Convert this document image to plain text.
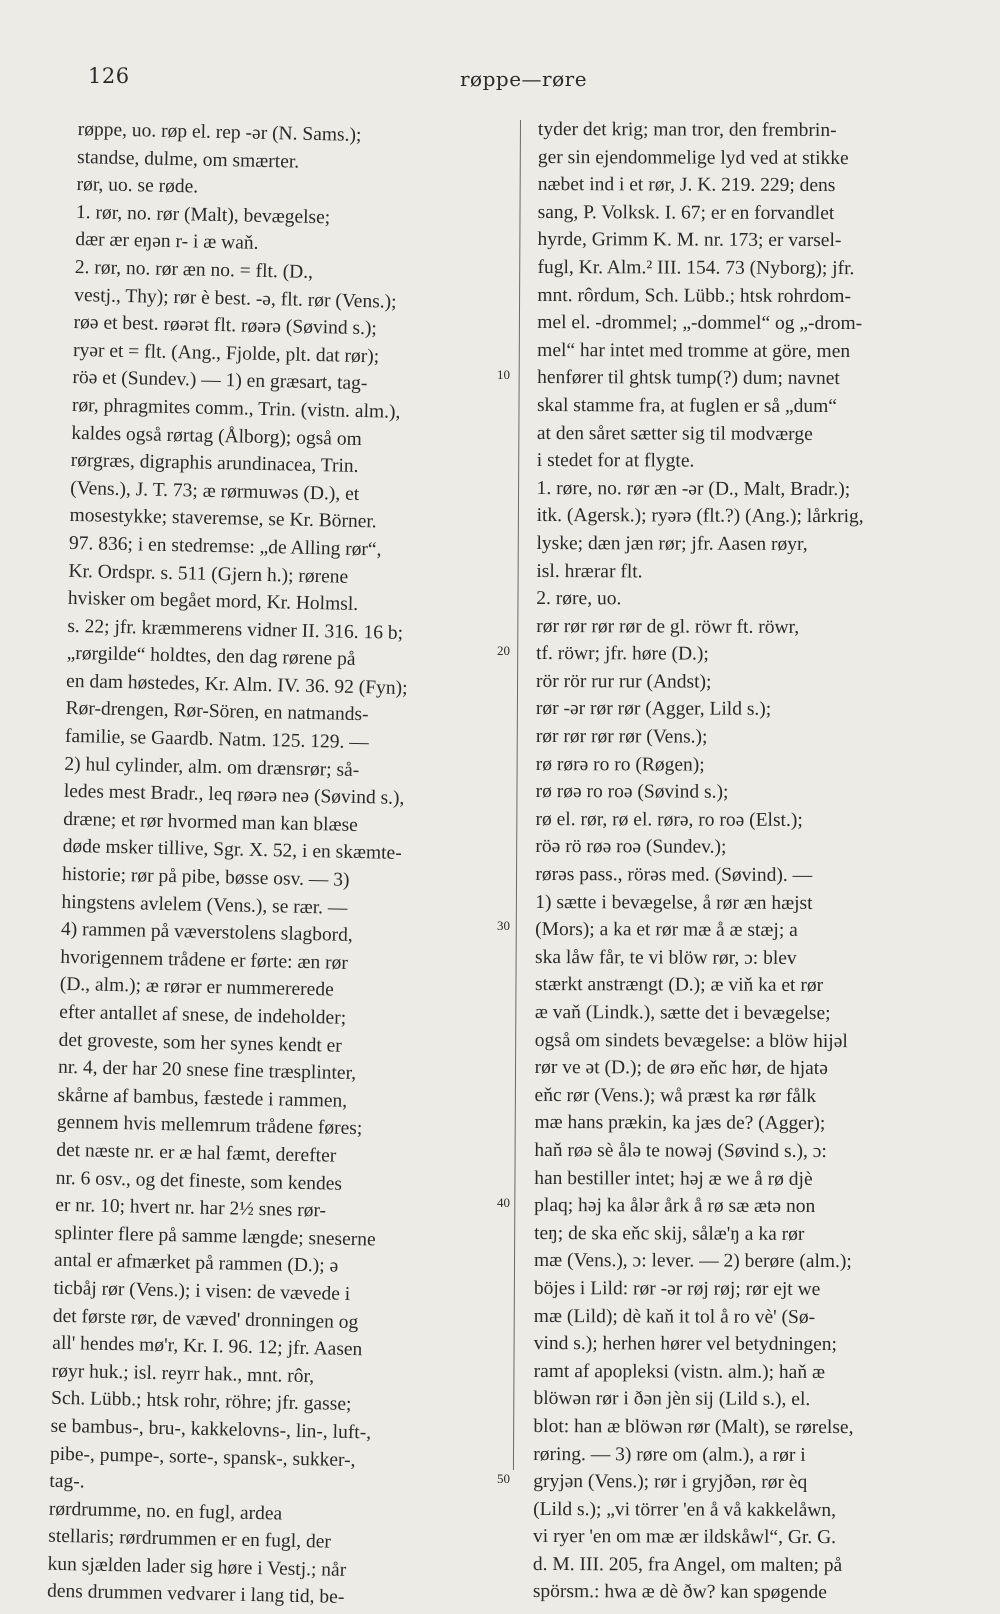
126	røppe—røre
røppe, uo. røp el. rep -ər (N. Sams.);
standse, dulme, om smærter.
rør, uo. se røde.
1. rør, no. rør (Malt), bevægelse;
dær ær eŋən r- i æ waň.
2. rør, no. rør æn no. = flt. (D.,
vestj., Thy); rør è best. -ə, flt. rør (Vens.);
røə et best. røərət flt. røərə (Søvind s.);
ryər et = flt. (Ang., Fjolde, plt. dat rør);
röə et (Sundev.) — 1) en græsart, tag-
rør, phragmites comm., Trin. (vistn. alm.),
kaldes også rørtag (Ålborg); også om
rørgræs, digraphis arundinacea, Trin.
(Vens.), J. T. 73; æ rørmuwəs (D.), et
mosestykke; staveremse, se Kr. Börner.
97. 836; i en stedremse: „de Alling rør“,
Kr. Ordspr. s. 511 (Gjern h.); rørene
hvisker om begået mord, Kr. Holmsl.
s. 22; jfr. kræmmerens vidner II. 316. 16 b;
„rørgilde“ holdtes, den dag rørene på
en dam høstedes, Kr. Alm. IV. 36. 92 (Fyn);
Rør-drengen, Rør-Sören, en natmands-
familie, se Gaardb. Natm. 125. 129. —
2) hul cylinder, alm. om drænsrør; så-
ledes mest Bradr., leq røərə neə (Søvind s.),
dræne; et rør hvormed man kan blæse
døde msker tillive, Sgr. X. 52, i en skæmte-
historie; rør på pibe, bøsse osv. — 3)
hingstens avlelem (Vens.), se rær. —
4) rammen på væverstolens slagbord,
hvorigennem trådene er førte: æn rør
(D., alm.); æ rørər er nummererede
efter antallet af snese, de indeholder;
det groveste, som her synes kendt er
nr. 4, der har 20 snese fine træsplinter,
skårne af bambus, fæstede i rammen,
gennem hvis mellemrum trådene føres;
det næste nr. er æ hal fæmt, derefter
nr. 6 osv., og det fineste, som kendes
er nr. 10; hvert nr. har 2½ snes rør-
splinter flere på samme længde; sneserne
antal er afmærket på rammen (D.); ə
ticbåj rør (Vens.); i visen: de vævede i
det første rør, de væved' dronningen og
all' hendes mø'r, Kr. I. 96. 12; jfr. Aasen
røyr huk.; isl. reyrr hak., mnt. rôr,
Sch. Lübb.; htsk rohr, röhre; jfr. gasse;
se bambus-, bru-, kakkelovns-, lin-, luft-,
pibe-, pumpe-, sorte-, spansk-, sukker-,
tag-.
rørdrumme, no. en fugl, ardea
stellaris; rørdrummen er en fugl, der
kun sjælden lader sig høre i Vestj.; når
dens drummen vedvarer i lang tid, be-
tyder det krig; man tror, den frembrin-
ger sin ejendommelige lyd ved at stikke
næbet ind i et rør, J. K. 219. 229; dens
sang, P. Volksk. I. 67; er en forvandlet
hyrde, Grimm K. M. nr. 173; er varsel-
fugl, Kr. Alm.² III. 154. 73 (Nyborg); jfr.
mnt. rôrdum, Sch. Lübb.; htsk rohrdom-
mel el. -drommel; „-dommel“ og „-drom-
mel“ har intet med tromme at göre, men
henfører til ghtsk tump(?) dum; navnet
skal stamme fra, at fuglen er så „dum“
at den såret sætter sig til modværge
i stedet for at flygte.
1. røre, no. rør æn -ər (D., Malt, Bradr.);
itk. (Agersk.); ryərə (flt.?) (Ang.); lårkrig,
lyske; dæn jæn rør; jfr. Aasen røyr,
isl. hrærar flt.
2. røre, uo.
rør rør rør rør de gl. röwr ft. röwr,
tf. röwr; jfr. høre (D.);
rör rör rur rur (Andst);
rør -ər rør rør (Agger, Lild s.);
rør rør rør rør (Vens.);
rø rørə ro ro (Røgen);
rø røə ro roə (Søvind s.);
rø el. rør, rø el. rørə, ro roə (Elst.);
röə rö røə roə (Sundev.);
rørəs pass., rörəs med. (Søvind). —
1) sætte i bevægelse, å rør æn hæjst
(Mors); a ka et rør mæ å æ stæj; a
ska låw får, te vi blöw rør, ɔ: blev
stærkt anstrængt (D.); æ viň ka et rør
æ vaň (Lindk.), sætte det i bevægelse;
også om sindets bevægelse: a blöw hijəl
rør ve ət (D.); de ørə eňc hør, de hjatə
eňc rør (Vens.); wå præst ka rør fålk
mæ hans prækin, ka jæs de? (Agger);
haň røə sè ålə te nowəj (Søvind s.), ɔ:
han bestiller intet; həj æ we å rø djè
plaq; həj ka ålər årk å rø sæ ætə non
teŋ; de ska eňc skij, sålæ'ŋ a ka rør
mæ (Vens.), ɔ: lever. — 2) berøre (alm.);
böjes i Lild: rør -ər røj røj; rør ejt we
mæ (Lild); dè kaň it tol å ro vè' (Sø-
vind s.); herhen hører vel betydningen;
ramt af apopleksi (vistn. alm.); haň æ
blöwən rør i ðən jèn sij (Lild s.), el.
blot: han æ blöwən rør (Malt), se rørelse,
røring. — 3) røre om (alm.), a rør i
gryjən (Vens.); rør i gryjðən, rør èq
(Lild s.); „vi törrer 'en å vå kakkelåwn,
vi ryer 'en om mæ ær ildskåwl“, Gr. G.
d. M. III. 205, fra Angel, om malten; på
spörsm.: hwa æ dè ðw? kan spøgende
10
20
30
40
50
